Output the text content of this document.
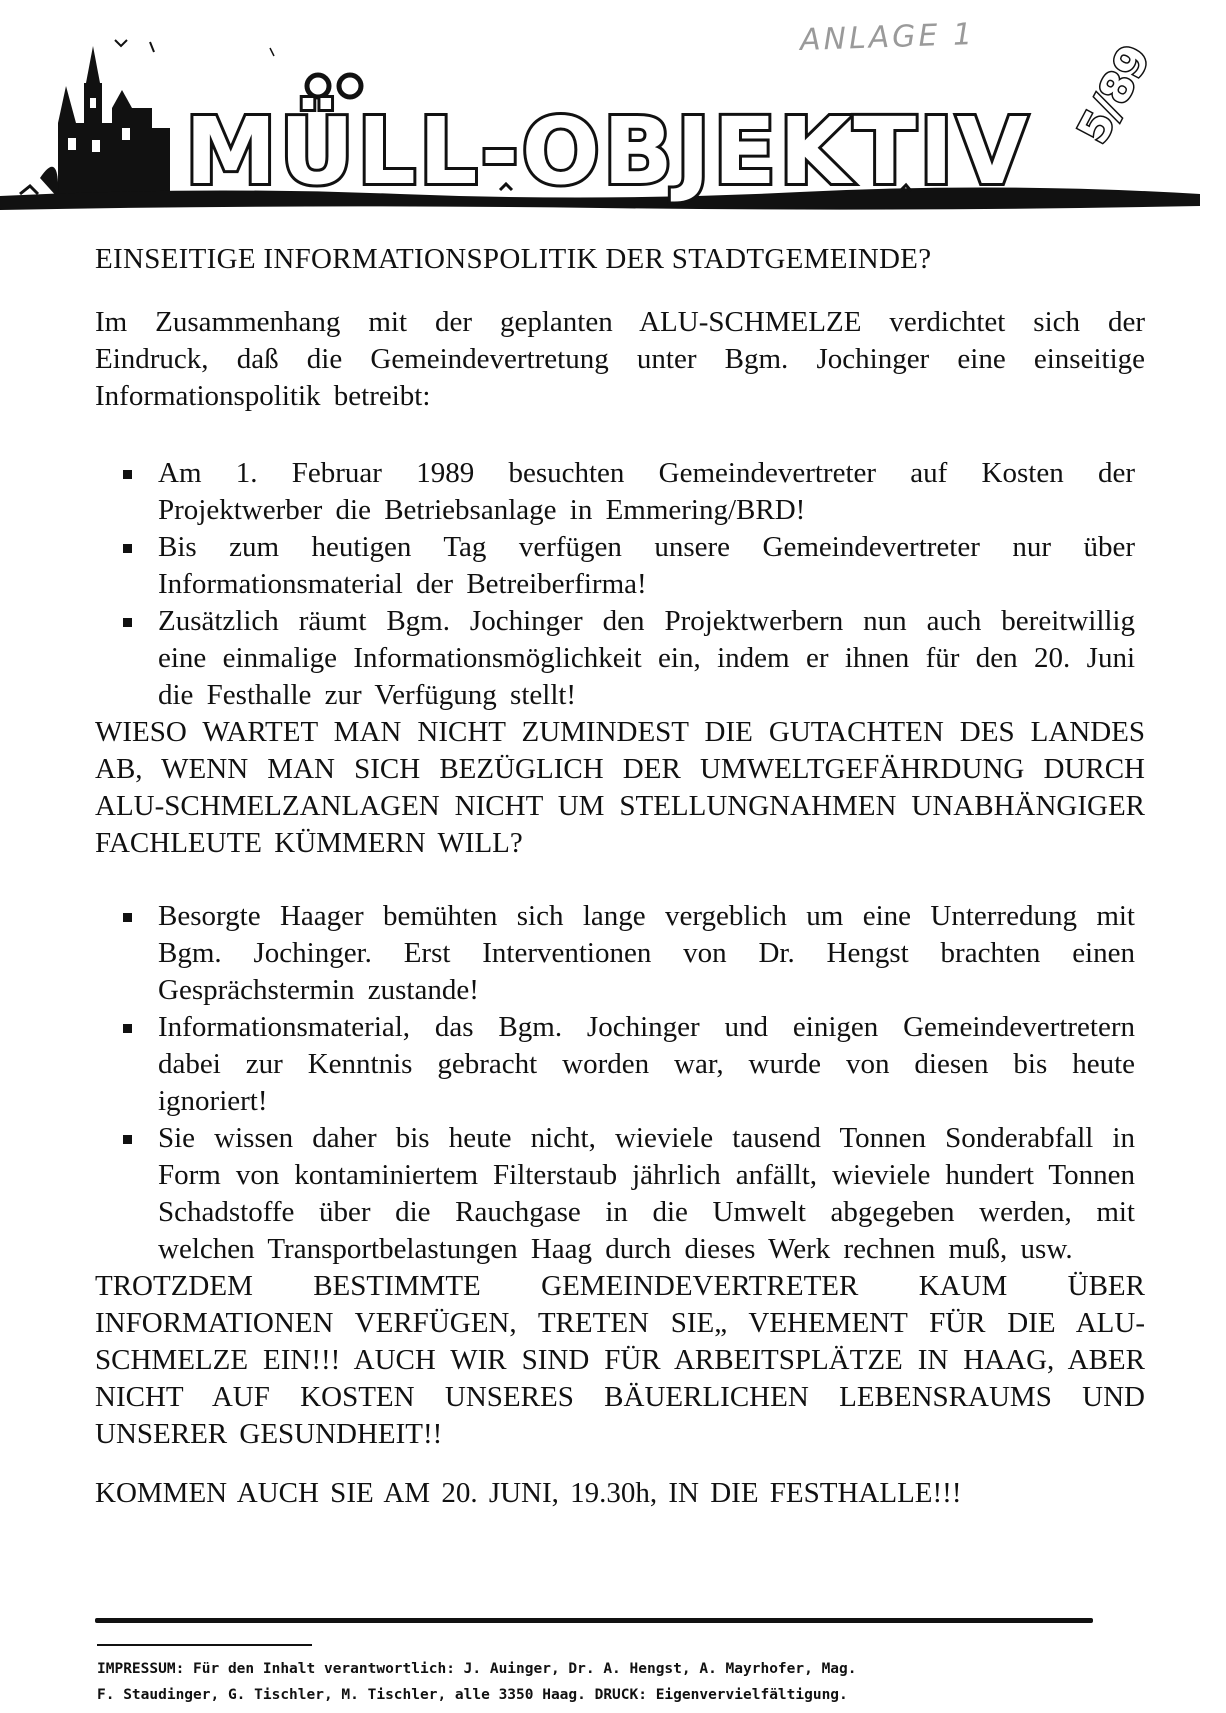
ANLAGE 1
MÜLL-OBJEKTIV
5/89

EINSEITIGE INFORMATIONSPOLITIK DER STADTGEMEINDE?

Im Zusammenhang mit der geplanten ALU-SCHMELZE verdichtet sich der Eindruck, daß die Gemeindevertretung unter Bgm. Jochinger eine einseitige Informationspolitik betreibt:

Am 1. Februar 1989 besuchten Gemeindevertreter auf Kosten der Projektwerber die Betriebsanlage in Emmering/BRD!
Bis zum heutigen Tag verfügen unsere Gemeindevertreter nur über Informationsmaterial der Betreiberfirma!
Zusätzlich räumt Bgm. Jochinger den Projektwerbern nun auch bereitwillig eine einmalige Informationsmöglichkeit ein, indem er ihnen für den 20. Juni die Festhalle zur Verfügung stellt!

WIESO WARTET MAN NICHT ZUMINDEST DIE GUTACHTEN DES LANDES AB, WENN MAN SICH BEZÜGLICH DER UMWELTGEFÄHRDUNG DURCH ALU-SCHMELZANLAGEN NICHT UM STELLUNGNAHMEN UNABHÄNGIGER FACHLEUTE KÜMMERN WILL?

Besorgte Haager bemühten sich lange vergeblich um eine Unterredung mit Bgm. Jochinger. Erst Interventionen von Dr. Hengst brachten einen Gesprächstermin zustande!
Informationsmaterial, das Bgm. Jochinger und einigen Gemeindevertretern dabei zur Kenntnis gebracht worden war, wurde von diesen bis heute ignoriert!
Sie wissen daher bis heute nicht, wieviele tausend Tonnen Sonderabfall in Form von kontaminiertem Filterstaub jährlich anfällt, wieviele hundert Tonnen Schadstoffe über die Rauchgase in die Umwelt abgegeben werden, mit welchen Transportbelastungen Haag durch dieses Werk rechnen muß, usw.

TROTZDEM BESTIMMTE GEMEINDEVERTRETER KAUM ÜBER INFORMATIONEN VERFÜGEN, TRETEN SIE„ VEHEMENT FÜR DIE ALU-SCHMELZE EIN!!! AUCH WIR SIND FÜR ARBEITSPLÄTZE IN HAAG, ABER NICHT AUF KOSTEN UNSERES BÄUERLICHEN LEBENSRAUMS UND UNSERER GESUNDHEIT!!

KOMMEN AUCH SIE AM 20. JUNI, 19.30h, IN DIE FESTHALLE!!!

IMPRESSUM: Für den Inhalt verantwortlich: J. Auinger, Dr. A. Hengst, A. Mayrhofer, Mag.
F. Staudinger, G. Tischler, M. Tischler, alle 3350 Haag. DRUCK: Eigenvervielfältigung.
